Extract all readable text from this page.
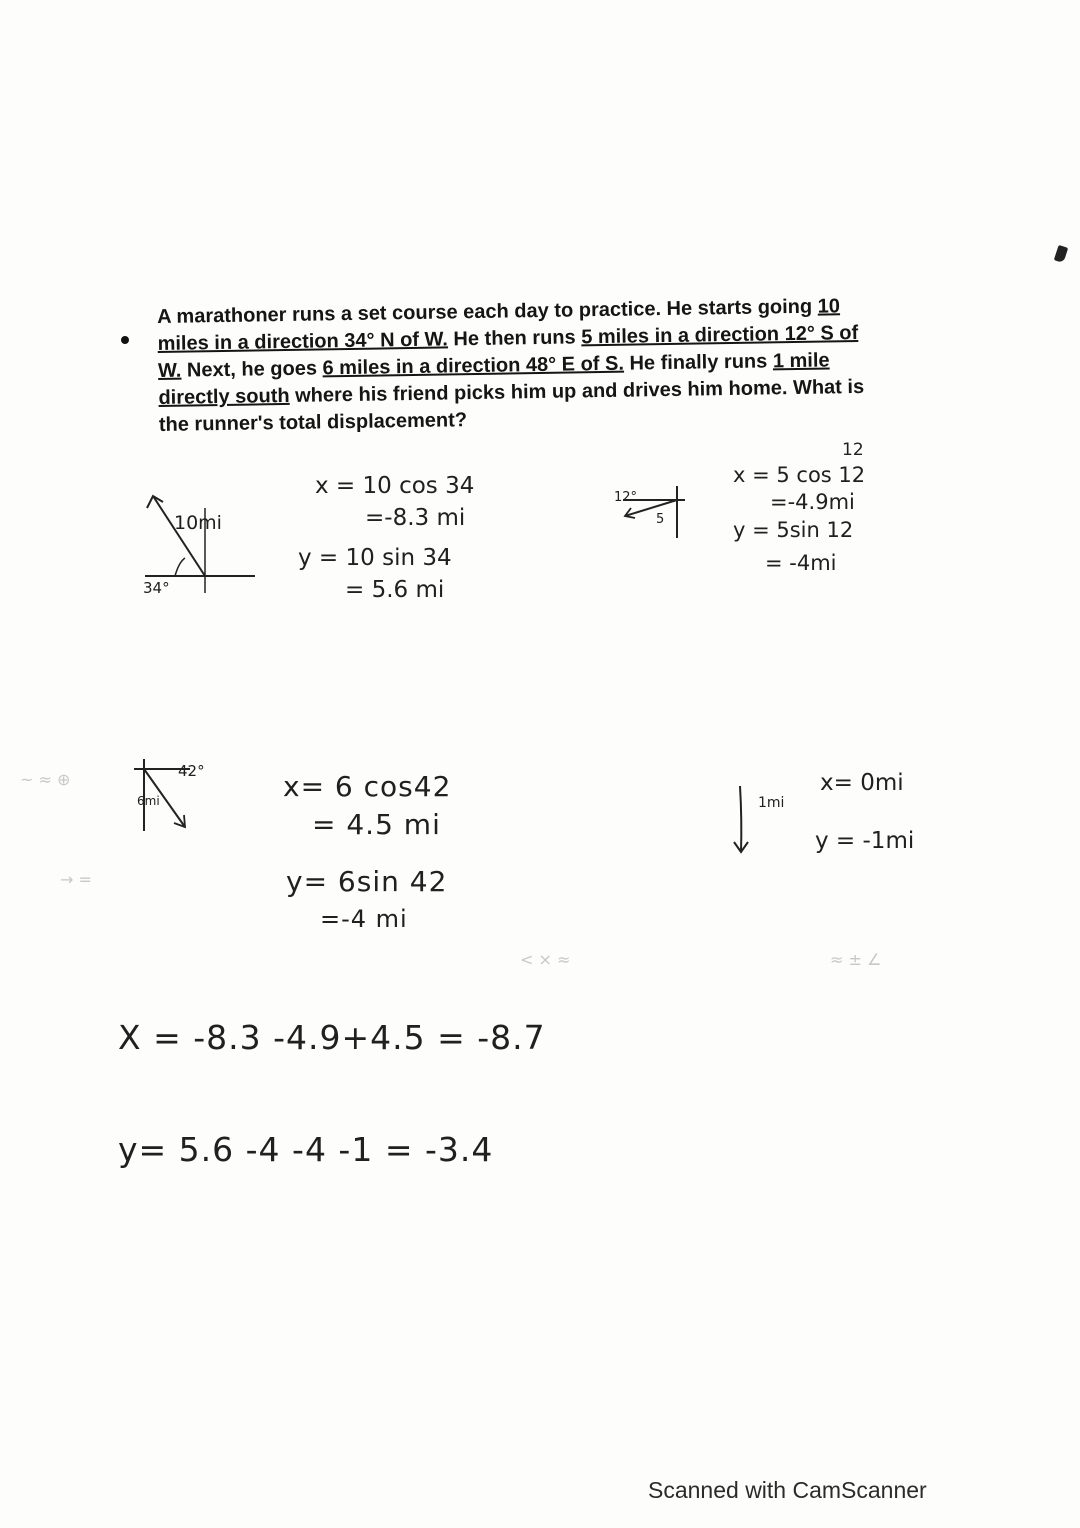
~ ≈ ⊕
→ =
< × ≈	≈ ± ∠
A marathoner runs a set course each day to practice. He starts going 10
miles in a direction 34° N of W. He then runs 5 miles in a direction 12° S of
W. Next, he goes 6 miles in a direction 48° E of S. He finally runs 1 mile
directly south where his friend picks him up and drives him home. What is
the runner's total displacement?
10mi
34°
x = 10 cos 34
=-8.3 mi
y = 10 sin 34
= 5.6 mi
12°
5
12
x = 5 cos 12
=-4.9mi
y = 5sin 12
= -4mi
42°
6mi	x= 6 cos42
= 4.5 mi
y= 6sin 42
=-4 mi
1mi
x= 0mi
y = -1mi
X = -8.3 -4.9+4.5 = -8.7
y= 5.6 -4 -4 -1 = -3.4
Scanned with CamScanner
